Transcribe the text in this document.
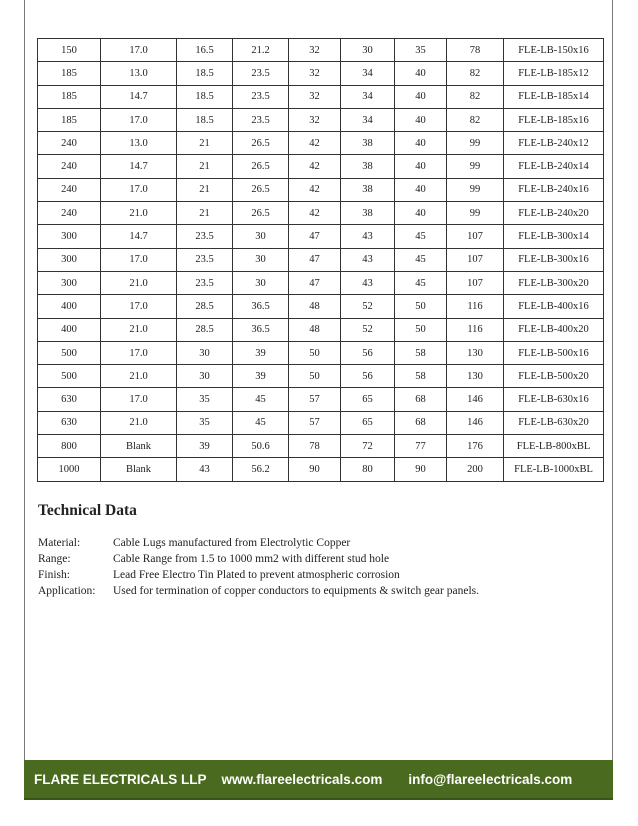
150	17.0	16.5	21.2	32	30	35	78	FLE-LB-150x16
185	13.0	18.5	23.5	32	34	40	82	FLE-LB-185x12
185	14.7	18.5	23.5	32	34	40	82	FLE-LB-185x14
185	17.0	18.5	23.5	32	34	40	82	FLE-LB-185x16
240	13.0	21	26.5	42	38	40	99	FLE-LB-240x12
240	14.7	21	26.5	42	38	40	99	FLE-LB-240x14
240	17.0	21	26.5	42	38	40	99	FLE-LB-240x16
240	21.0	21	26.5	42	38	40	99	FLE-LB-240x20
300	14.7	23.5	30	47	43	45	107	FLE-LB-300x14
300	17.0	23.5	30	47	43	45	107	FLE-LB-300x16
300	21.0	23.5	30	47	43	45	107	FLE-LB-300x20
400	17.0	28.5	36.5	48	52	50	116	FLE-LB-400x16
400	21.0	28.5	36.5	48	52	50	116	FLE-LB-400x20
500	17.0	30	39	50	56	58	130	FLE-LB-500x16
500	21.0	30	39	50	56	58	130	FLE-LB-500x20
630	17.0	35	45	57	65	68	146	FLE-LB-630x16
630	21.0	35	45	57	65	68	146	FLE-LB-630x20
800	Blank	39	50.6	78	72	77	176	FLE-LB-800xBL
1000	Blank	43	56.2	90	80	90	200	FLE-LB-1000xBL
Technical Data
Material:	Cable Lugs manufactured from Electrolytic Copper
Range:	Cable Range from 1.5 to 1000 mm2 with different stud hole
Finish:	Lead Free Electro Tin Plated to prevent atmospheric corrosion
Application:	Used for termination of copper conductors to equipments & switch gear panels.
FLARE ELECTRICALS LLP www.flareelectricals.com info@flareelectricals.com
